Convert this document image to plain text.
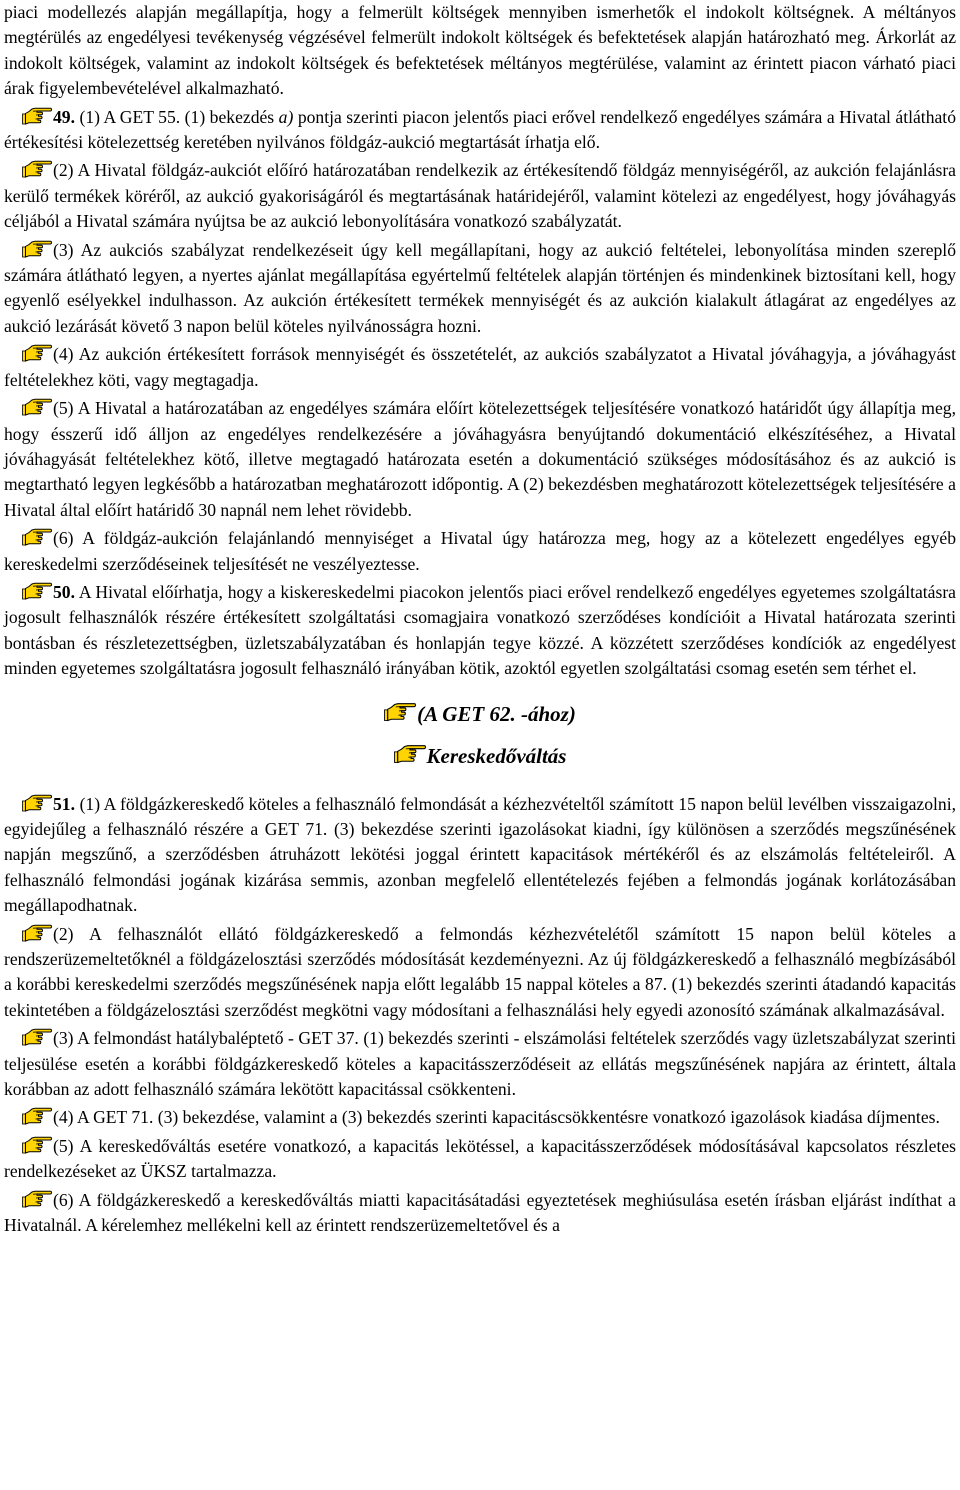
piaci modellezés alapján megállapítja, hogy a felmerült költségek mennyiben ismerhetők el indokolt költségnek. A méltányos megtérülés az engedélyesi tevékenység végzésével felmerült indokolt költségek és befektetések alapján határozható meg. Árkorlát az indokolt költségek, valamint az indokolt költségek és befektetések méltányos megtérülése, valamint az érintett piacon várható piaci árak figyelembevételével alkalmazható.

49. (1) A GET 55. (1) bekezdés a) pontja szerinti piacon jelentős piaci erővel rendelkező engedélyes számára a Hivatal átlátható értékesítési kötelezettség keretében nyilvános földgáz-aukció megtartását írhatja elő.

(2) A Hivatal földgáz-aukciót előíró határozatában rendelkezik az értékesítendő földgáz mennyiségéről, az aukción felajánlásra kerülő termékek köréről, az aukció gyakoriságáról és megtartásának határidejéről, valamint kötelezi az engedélyest, hogy jóváhagyás céljából a Hivatal számára nyújtsa be az aukció lebonyolítására vonatkozó szabályzatát.

(3) Az aukciós szabályzat rendelkezéseit úgy kell megállapítani, hogy az aukció feltételei, lebonyolítása minden szereplő számára átlátható legyen, a nyertes ajánlat megállapítása egyértelmű feltételek alapján történjen és mindenkinek biztosítani kell, hogy egyenlő esélyekkel indulhasson. Az aukción értékesített termékek mennyiségét és az aukción kialakult átlagárat az engedélyes az aukció lezárását követő 3 napon belül köteles nyilvánosságra hozni.

(4) Az aukción értékesített források mennyiségét és összetételét, az aukciós szabályzatot a Hivatal jóváhagyja, a jóváhagyást feltételekhez köti, vagy megtagadja.

(5) A Hivatal a határozatában az engedélyes számára előírt kötelezettségek teljesítésére vonatkozó határidőt úgy állapítja meg, hogy ésszerű idő álljon az engedélyes rendelkezésére a jóváhagyásra benyújtandó dokumentáció elkészítéséhez, a Hivatal jóváhagyását feltételekhez kötő, illetve megtagadó határozata esetén a dokumentáció szükséges módosításához és az aukció is megtartható legyen legkésőbb a határozatban meghatározott időpontig. A (2) bekezdésben meghatározott kötelezettségek teljesítésére a Hivatal által előírt határidő 30 napnál nem lehet rövidebb.

(6) A földgáz-aukción felajánlandó mennyiséget a Hivatal úgy határozza meg, hogy az a kötelezett engedélyes egyéb kereskedelmi szerződéseinek teljesítését ne veszélyeztesse.

50. A Hivatal előírhatja, hogy a kiskereskedelmi piacokon jelentős piaci erővel rendelkező engedélyes egyetemes szolgáltatásra jogosult felhasználók részére értékesített szolgáltatási csomagjaira vonatkozó szerződéses kondícióit a Hivatal határozata szerinti bontásban és részletezettségben, üzletszabályzatában és honlapján tegye közzé. A közzétett szerződéses kondíciók az engedélyest minden egyetemes szolgáltatásra jogosult felhasználó irányában kötik, azoktól egyetlen szolgáltatási csomag esetén sem térhet el.

(A GET 62. -ához)
Kereskedőváltás

51. (1) A földgázkereskedő köteles a felhasználó felmondását a kézhezvételtől számított 15 napon belül levélben visszaigazolni, egyidejűleg a felhasználó részére a GET 71. (3) bekezdése szerinti igazolásokat kiadni, így különösen a szerződés megszűnésének napján megszűnő, a szerződésben átruházott lekötési joggal érintett kapacitások mértékéről és az elszámolás feltételeiről. A felhasználó felmondási jogának kizárása semmis, azonban megfelelő ellentételezés fejében a felmondás jogának korlátozásában megállapodhatnak.

(2) A felhasználót ellátó földgázkereskedő a felmondás kézhezvételétől számított 15 napon belül köteles a rendszerüzemeltetőknél a földgázelosztási szerződés módosítását kezdeményezni. Az új földgázkereskedő a felhasználó megbízásából a korábbi kereskedelmi szerződés megszűnésének napja előtt legalább 15 nappal köteles a 87. (1) bekezdés szerinti átadandó kapacitás tekintetében a földgázelosztási szerződést megkötni vagy módosítani a felhasználási hely egyedi azonosító számának alkalmazásával.

(3) A felmondást hatálybaléptető - GET 37. (1) bekezdés szerinti - elszámolási feltételek szerződés vagy üzletszabályzat szerinti teljesülése esetén a korábbi földgázkereskedő köteles a kapacitásszerződéseit az ellátás megszűnésének napjára az érintett, általa korábban az adott felhasználó számára lekötött kapacitással csökkenteni.

(4) A GET 71. (3) bekezdése, valamint a (3) bekezdés szerinti kapacitáscsökkentésre vonatkozó igazolások kiadása díjmentes.

(5) A kereskedőváltás esetére vonatkozó, a kapacitás lekötéssel, a kapacitásszerződések módosításával kapcsolatos részletes rendelkezéseket az ÜKSZ tartalmazza.

(6) A földgázkereskedő a kereskedőváltás miatti kapacitásátadási egyeztetések meghiúsulása esetén írásban eljárást indíthat a Hivatalnál. A kérelemhez mellékelni kell az érintett rendszerüzemeltetővel és a
